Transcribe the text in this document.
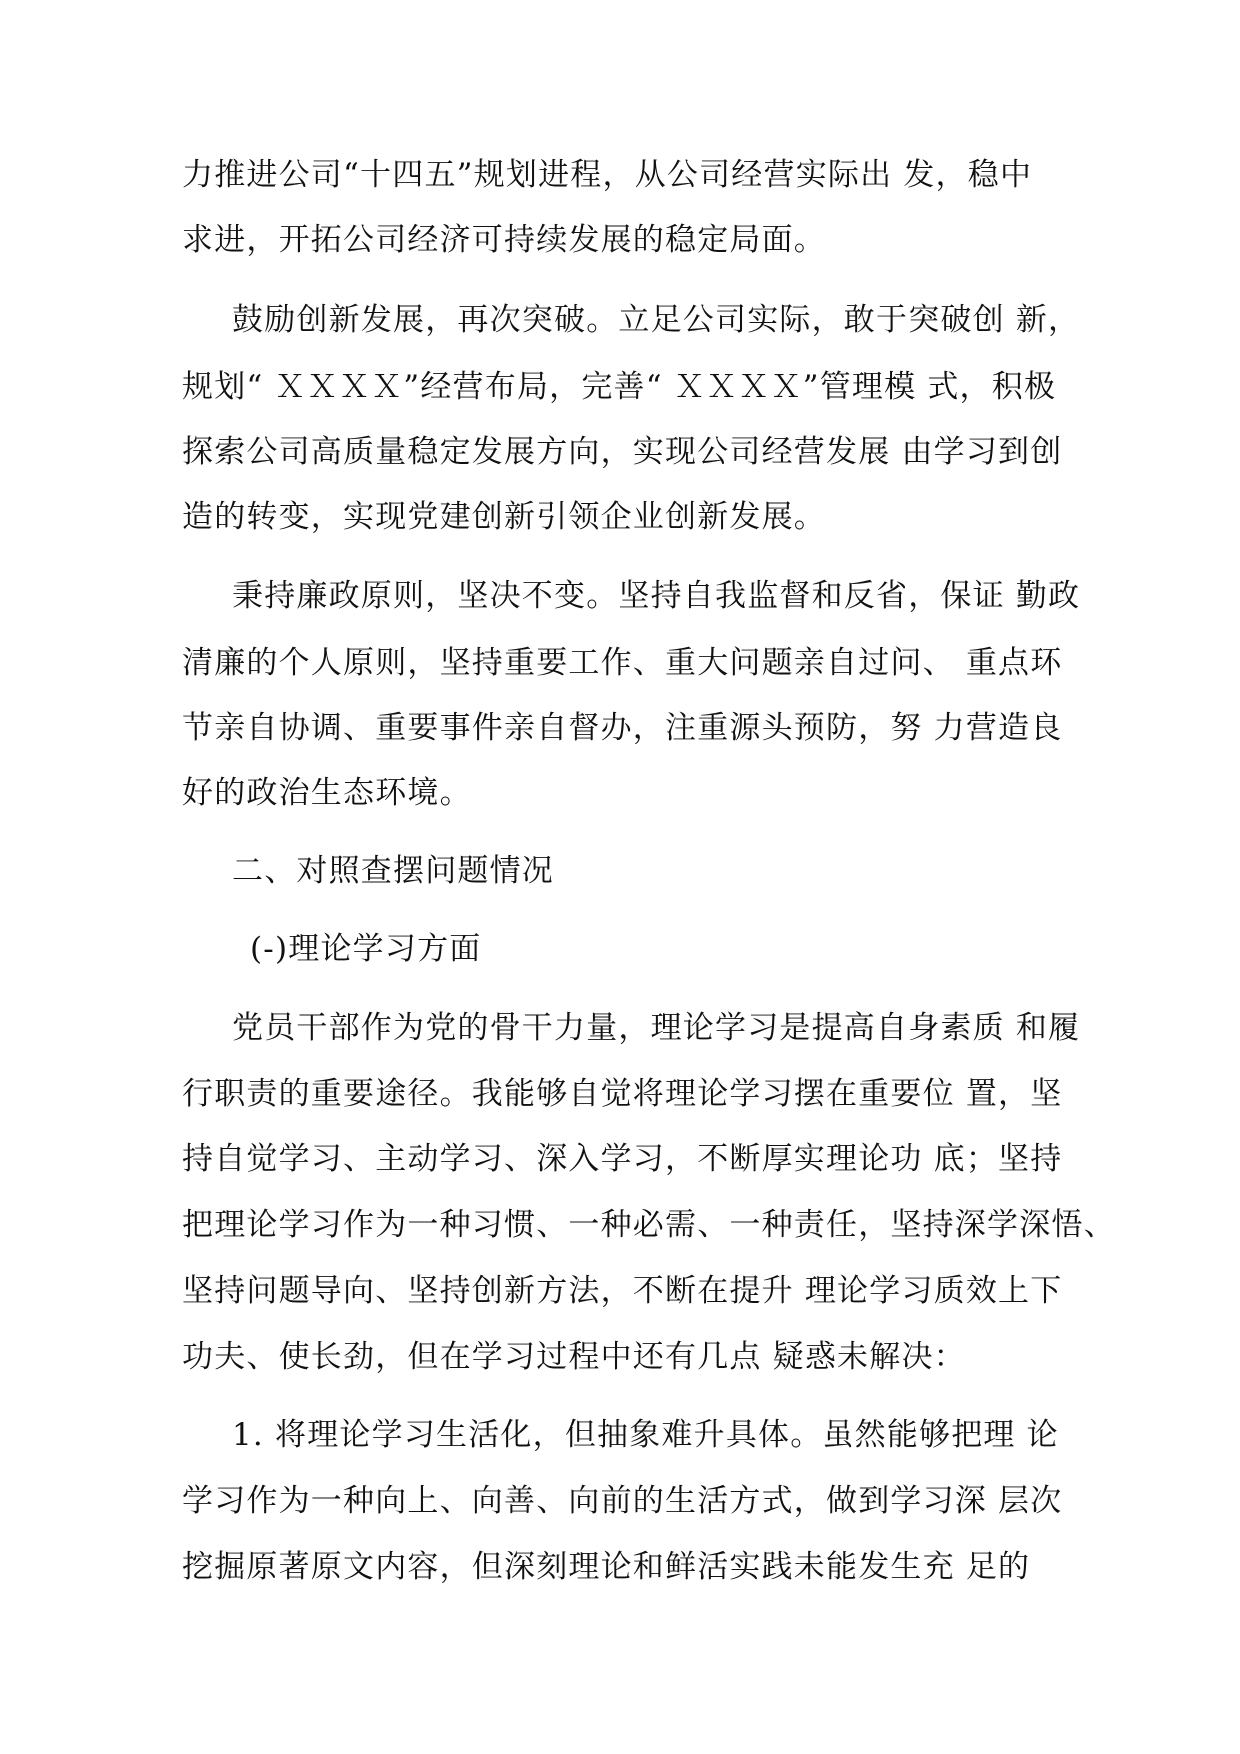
力推进公司“十四五”规划进程，从公司经营实际出 发，稳中
求进，开拓公司经济可持续发展的稳定局面。
鼓励创新发展，再次突破。立足公司实际，敢于突破创 新，
规划“ ＸＸＸＸ”经营布局，完善“ ＸＸＸＸ”管理模 式，积极
探索公司高质量稳定发展方向，实现公司经营发展 由学习到创
造的转变，实现党建创新引领企业创新发展。
秉持廉政原则，坚决不变。坚持自我监督和反省，保证 勤政
清廉的个人原则，坚持重要工作、重大问题亲自过问、 重点环
节亲自协调、重要事件亲自督办，注重源头预防，努 力营造良
好的政治生态环境。
二、对照查摆问题情况
(-)理论学习方面
党员干部作为党的骨干力量，理论学习是提高自身素质 和履
行职责的重要途径。我能够自觉将理论学习摆在重要位 置，坚
持自觉学习、主动学习、深入学习，不断厚实理论功 底；坚持
把理论学习作为一种习惯、一种必需、一种责任，坚持深学深悟、
坚持问题导向、坚持创新方法，不断在提升 理论学习质效上下
功夫、使长劲，但在学习过程中还有几点 疑惑未解决：
1. 将理论学习生活化，但抽象难升具体。虽然能够把理 论
学习作为一种向上、向善、向前的生活方式，做到学习深 层次
挖掘原著原文内容，但深刻理论和鲜活实践未能发生充 足的
